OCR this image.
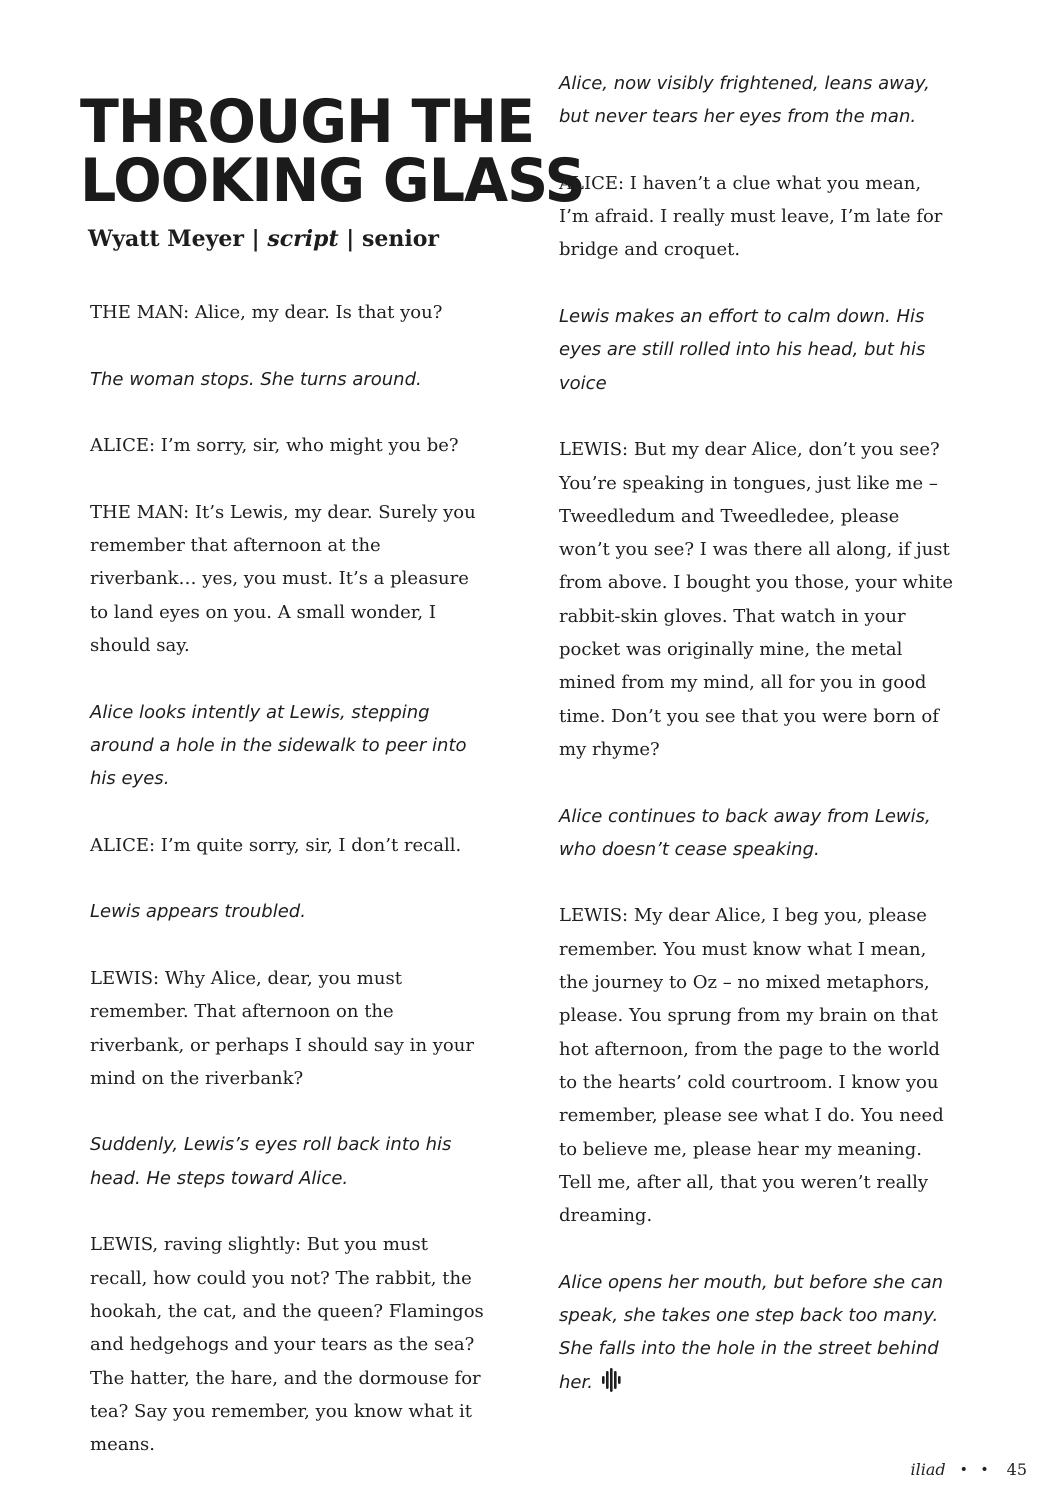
THROUGH THE
LOOKING GLASS
Wyatt Meyer | script | senior

THE MAN: Alice, my dear. Is that you?

The woman stops. She turns around.

ALICE: I’m sorry, sir, who might you be?

THE MAN: It’s Lewis, my dear. Surely you remember that afternoon at the riverbank… yes, you must. It’s a pleasure to land eyes on you. A small wonder, I should say.

Alice looks intently at Lewis, stepping around a hole in the sidewalk to peer into his eyes.

ALICE: I’m quite sorry, sir, I don’t recall.

Lewis appears troubled.

LEWIS: Why Alice, dear, you must remember. That afternoon on the riverbank, or perhaps I should say in your mind on the riverbank?

Suddenly, Lewis’s eyes roll back into his head. He steps toward Alice.

LEWIS, raving slightly: But you must recall, how could you not? The rabbit, the hookah, the cat, and the queen? Flamingos and hedgehogs and your tears as the sea? The hatter, the hare, and the dormouse for tea? Say you remember, you know what it means.

Alice, now visibly frightened, leans away, but never tears her eyes from the man.

ALICE: I haven’t a clue what you mean, I’m afraid. I really must leave, I’m late for bridge and croquet.

Lewis makes an effort to calm down. His eyes are still rolled into his head, but his voice

LEWIS: But my dear Alice, don’t you see? You’re speaking in tongues, just like me – Tweedledum and Tweedledee, please won’t you see? I was there all along, if just from above. I bought you those, your white rabbit-skin gloves. That watch in your pocket was originally mine, the metal mined from my mind, all for you in good time. Don’t you see that you were born of my rhyme?

Alice continues to back away from Lewis, who doesn’t cease speaking.

LEWIS: My dear Alice, I beg you, please remember. You must know what I mean, the journey to Oz – no mixed metaphors, please. You sprung from my brain on that hot afternoon, from the page to the world to the hearts’ cold courtroom. I know you remember, please see what I do. You need to believe me, please hear my meaning. Tell me, after all, that you weren’t really dreaming.

Alice opens her mouth, but before she can speak, she takes one step back too many. She falls into the hole in the street behind her.

iliad • • 45
